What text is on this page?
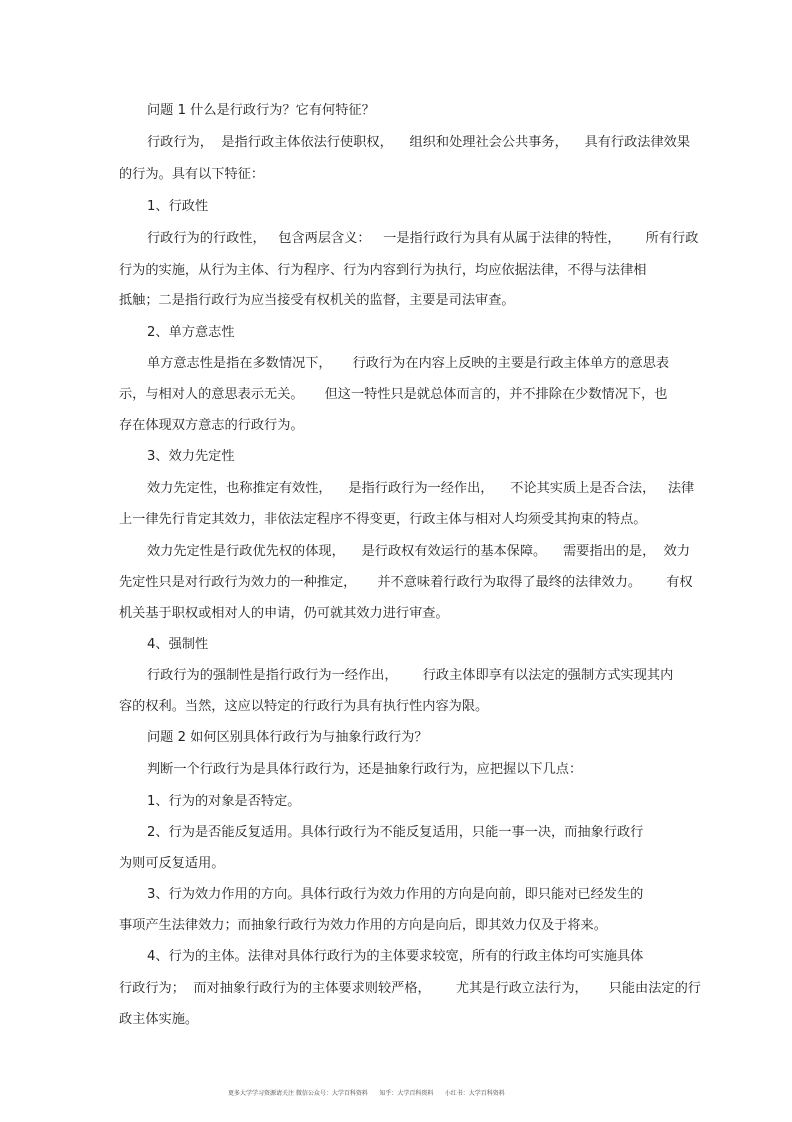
问题 1 什么是行政行为？它有何特征？
行政行为，  是指行政主体依法行使职权，    组织和处理社会公共事务，    具有行政法律效果
的行为。具有以下特征：
1、行政性
行政行为的行政性，   包含两层含义：   一是指行政行为具有从属于法律的特性，      所有行政
行为的实施，从行为主体、行为程序、行为内容到行为执行，均应依据法律，不得与法律相
抵触；二是指行政行为应当接受有权机关的监督，主要是司法审查。
2、单方意志性
单方意志性是指在多数情况下，     行政行为在内容上反映的主要是行政主体单方的意思表
示，与相对人的意思表示无关。     但这一特性只是就总体而言的，并不排除在少数情况下，也
存在体现双方意志的行政行为。
3、效力先定性
效力先定性，也称推定有效性，    是指行政行为一经作出，    不论其实质上是否合法，   法律
上一律先行肯定其效力，非依法定程序不得变更，行政主体与相对人均须受其拘束的特点。
效力先定性是行政优先权的体现，    是行政权有效运行的基本保障。    需要指出的是，  效力
先定性只是对行政行为效力的一种推定，     并不意味着行政行为取得了最终的法律效力。      有权
机关基于职权或相对人的申请，仍可就其效力进行审查。
4、强制性
行政行为的强制性是指行政行为一经作出，      行政主体即享有以法定的强制方式实现其内
容的权利。当然，这应以特定的行政行为具有执行性内容为限。
问题 2 如何区别具体行政行为与抽象行政行为？
判断一个行政行为是具体行政行为，还是抽象行政行为，应把握以下几点：
1、行为的对象是否特定。
2、行为是否能反复适用。具体行政行为不能反复适用，只能一事一决，而抽象行政行
为则可反复适用。
3、行为效力作用的方向。具体行政行为效力作用的方向是向前，即只能对已经发生的
事项产生法律效力；而抽象行政行为效力作用的方向是向后，即其效力仅及于将来。
4、行为的主体。法律对具体行政行为的主体要求较宽，所有的行政主体均可实施具体
行政行为；  而对抽象行政行为的主体要求则较严格，      尤其是行政立法行为，     只能由法定的行
政主体实施。
更多大学学习资源请关注 微信公众号：大学百科资料      知乎：大学百科资料      小红书：大学百科资料
